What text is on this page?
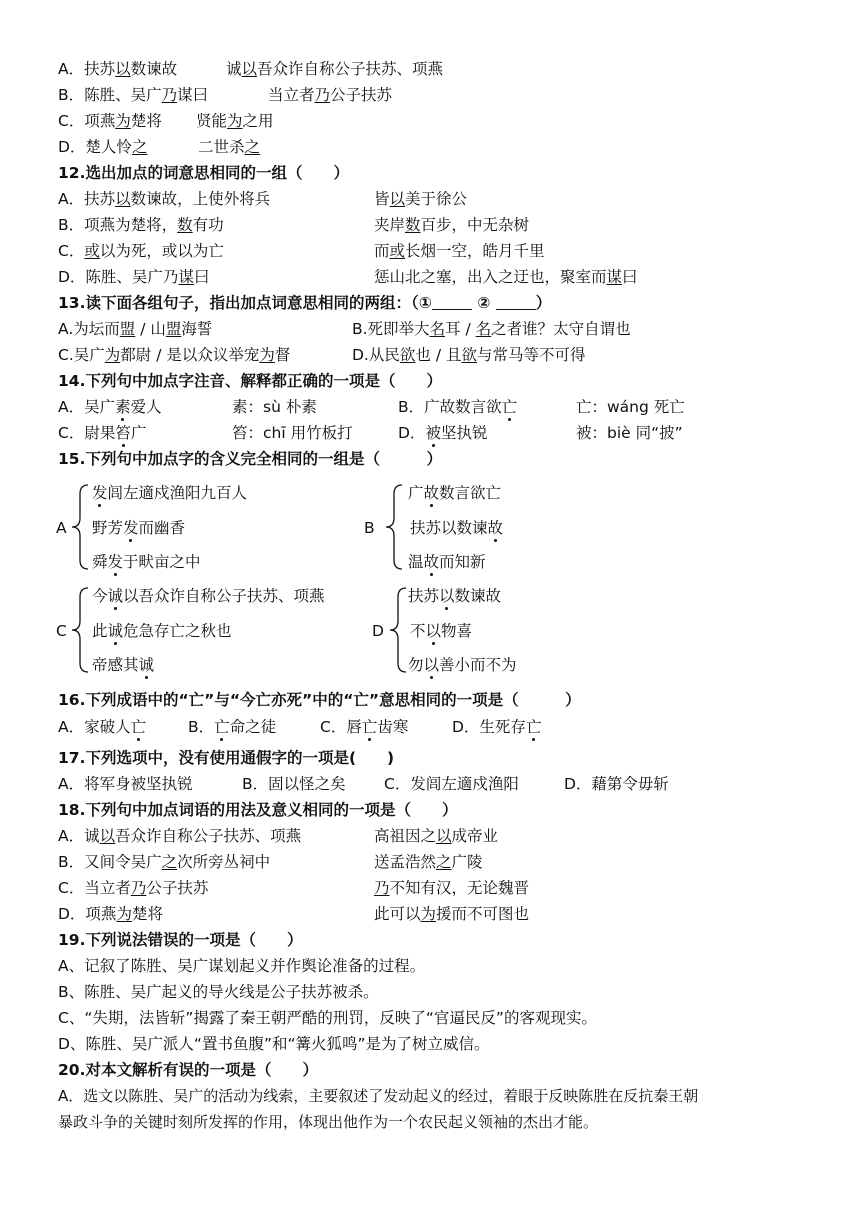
A．扶苏以数谏故	诚以吾众诈自称公子扶苏、项燕
B．陈胜、吴广乃谋曰	当立者乃公子扶苏
C．项燕为楚将 贤能为之用
D．楚人怜之	二世杀之
12.选出加点的词意思相同的一组（　　）
A．扶苏以数谏故，上使外将兵	皆以美于徐公
B．项燕为楚将，数有功	夹岸数百步，中无杂树
C．或以为死，或以为亡	而或长烟一空，皓月千里
D．陈胜、吴广乃谋曰	惩山北之塞，出入之迂也，聚室而谋曰
13.读下面各组句子，指出加点词意思相同的两组：（①	②	）
A.为坛而盟 / 山盟海誓	B.死即举大名耳 / 名之者谁？太守自谓也
C.吴广为都尉 / 是以众议举宠为督	D.从民欲也 / 且欲与常马等不可得
14.下列句中加点字注音、解释都正确的一项是（　　）
A．吴广素爱人	素：sù 朴素	B．广故数言欲亡	亡：wáng 死亡
C．尉果笞广	笞：chī 用竹板打	D．被坚执锐	被：biè 同“披”
15.下列句中加点字的含义完全相同的一组是（　　　）
A
发闾左適戍渔阳九百人
野芳发而幽香
舜发于畎亩之中
B
广故数言欲亡
扶苏以数谏故
温故而知新
C
今诚以吾众诈自称公子扶苏、项燕
此诚危急存亡之秋也
帝感其诚
D
扶苏以数谏故
不以物喜
勿以善小而不为
16.下列成语中的“亡”与“今亡亦死”中的“亡”意思相同的一项是（　　　）
A．家破人亡	B．亡命之徒	C．唇亡齿寒	D．生死存亡
17.下列选项中，没有使用通假字的一项是(　　)
A．将军身被坚执锐	B．固以怪之矣 C．发闾左適戍渔阳	D．藉第令毋斩
18.下列句中加点词语的用法及意义相同的一项是（　　）
A．诚以吾众诈自称公子扶苏、项燕	高祖因之以成帝业
B．又间令吴广之次所旁丛祠中	送孟浩然之广陵
C．当立者乃公子扶苏	乃不知有汉，无论魏晋
D．项燕为楚将	此可以为援而不可图也
19.下列说法错误的一项是（　　）
A、记叙了陈胜、吴广谋划起义并作舆论准备的过程。
B、陈胜、吴广起义的导火线是公子扶苏被杀。
C、“失期，法皆斩”揭露了秦王朝严酷的刑罚，反映了“官逼民反”的客观现实。
D、陈胜、吴广派人“置书鱼腹”和“篝火狐鸣”是为了树立威信。
20.对本文解析有误的一项是（　　）
A．选文以陈胜、吴广的活动为线索，主要叙述了发动起义的经过，着眼于反映陈胜在反抗秦王朝
暴政斗争的关键时刻所发挥的作用，体现出他作为一个农民起义领袖的杰出才能。
